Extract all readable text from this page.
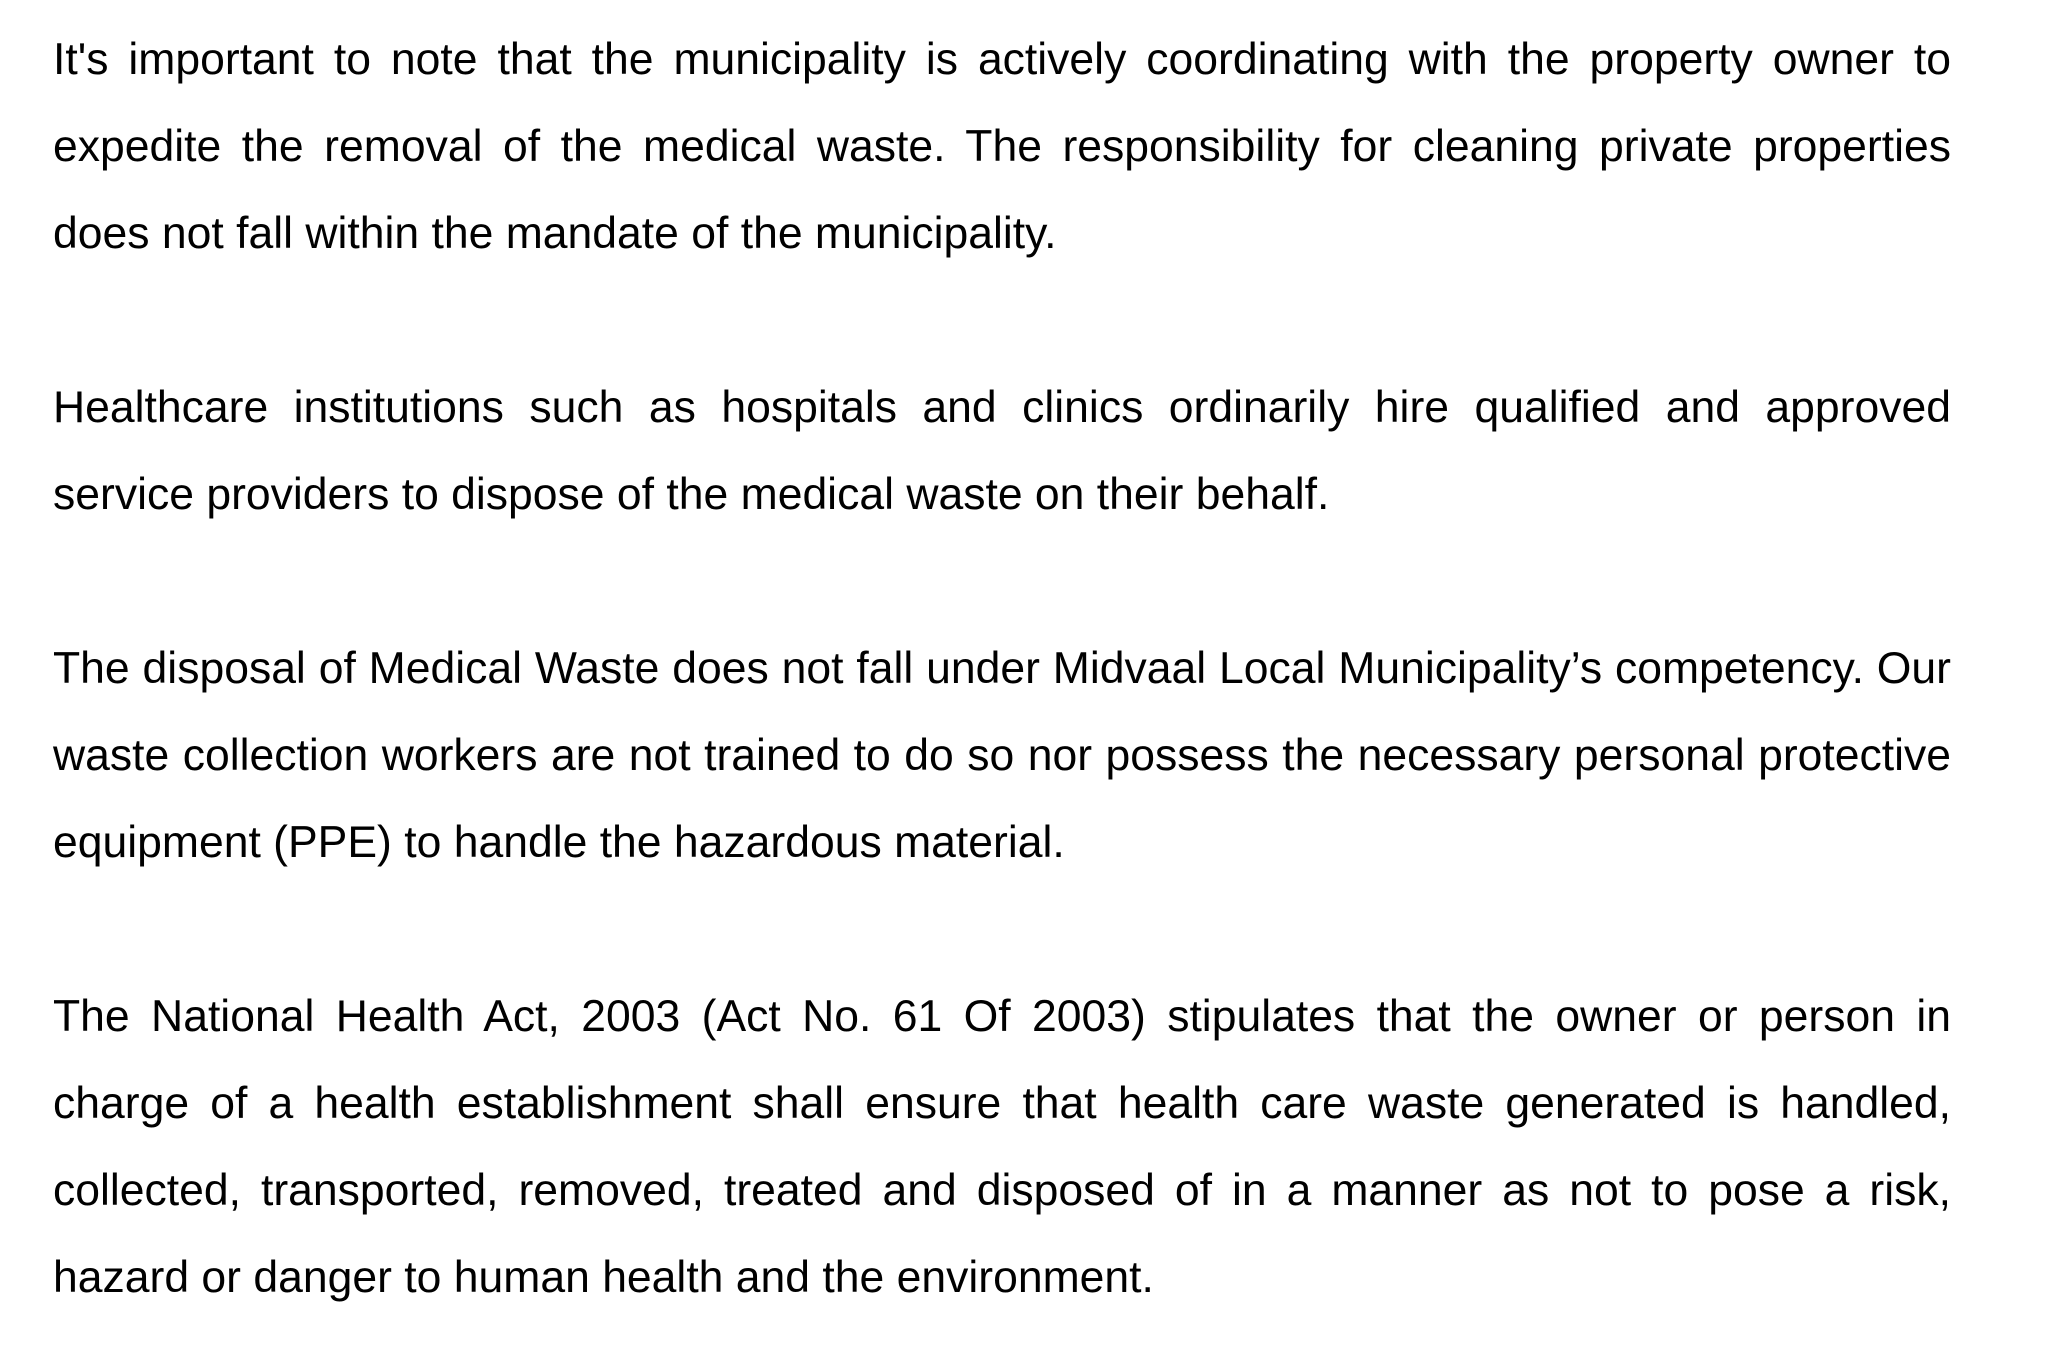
It's important to note that the municipality is actively coordinating with the property owner to expedite the removal of the medical waste. The responsibility for cleaning private properties does not fall within the mandate of the municipality.

Healthcare institutions such as hospitals and clinics ordinarily hire qualified and approved service providers to dispose of the medical waste on their behalf.

The disposal of Medical Waste does not fall under Midvaal Local Municipality’s competency. Our waste collection workers are not trained to do so nor possess the necessary personal protective equipment (PPE) to handle the hazardous material.

The National Health Act, 2003 (Act No. 61 Of 2003) stipulates that the owner or person in charge of a health establishment shall ensure that health care waste generated is handled, collected, transported, removed, treated and disposed of in a manner as not to pose a risk, hazard or danger to human health and the environment.
